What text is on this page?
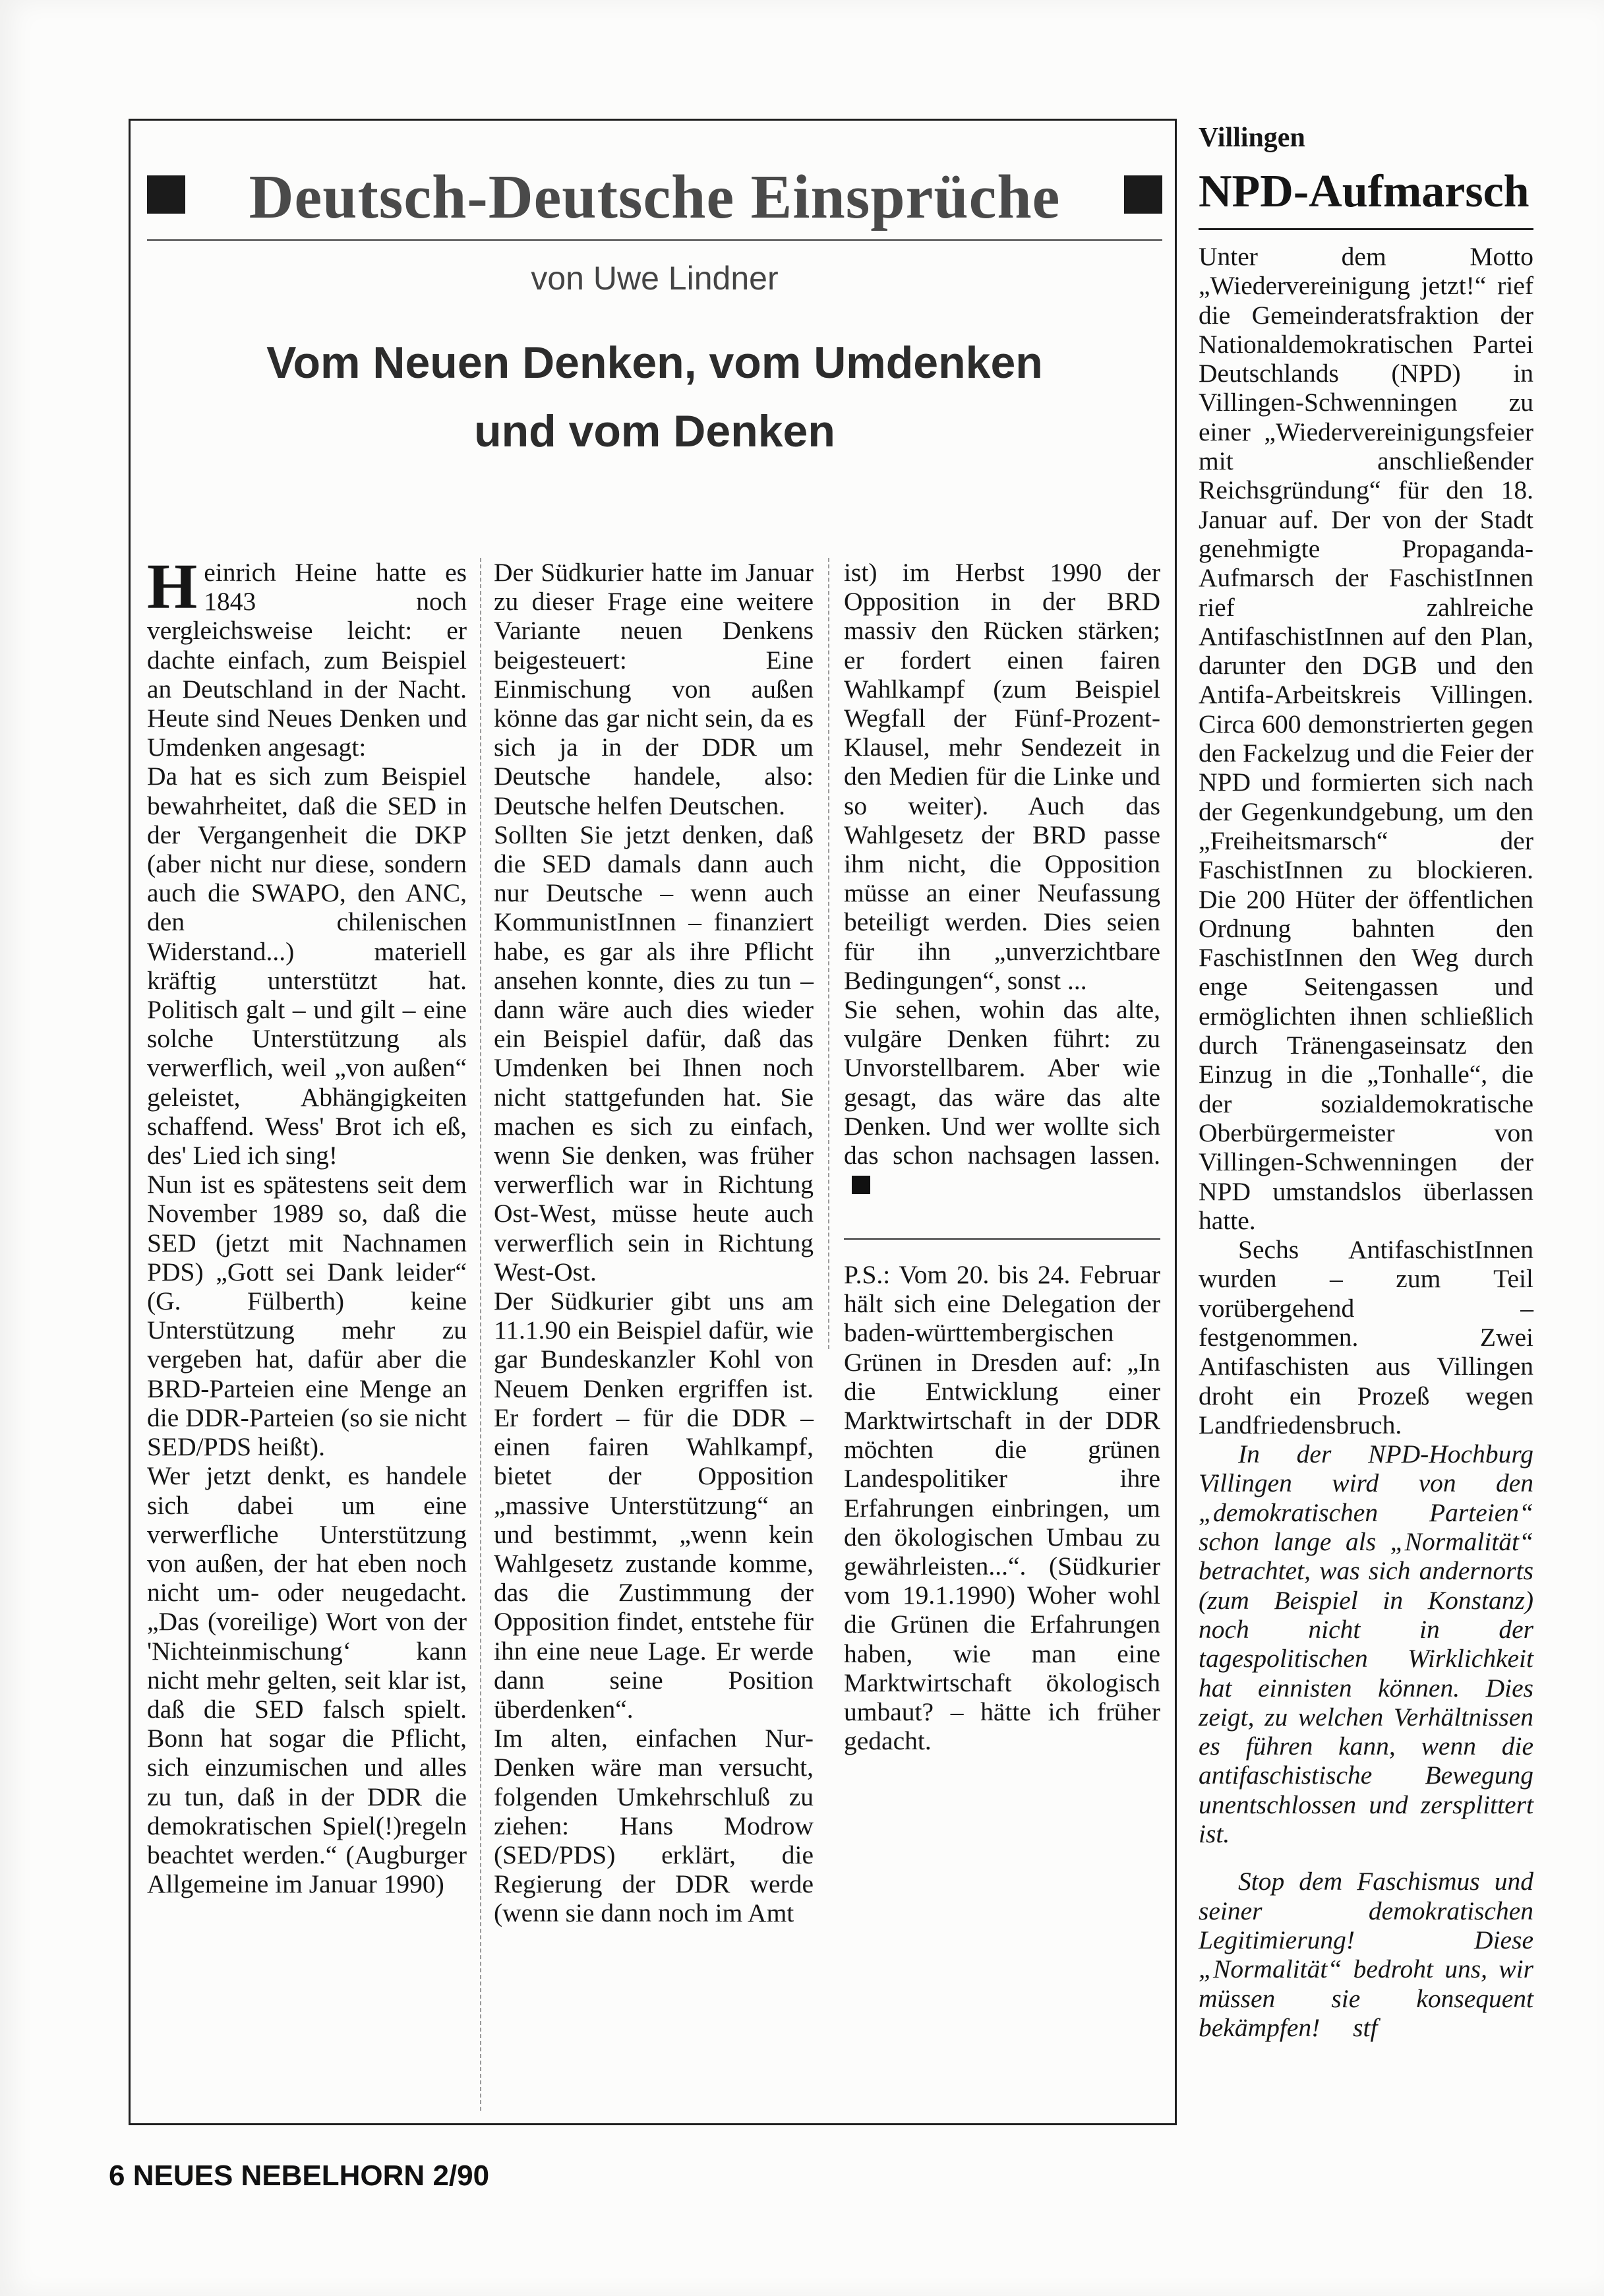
Deutsch-Deutsche Einsprüche
von Uwe Lindner
Vom Neuen Denken, vom Umdenken
und vom Denken

Heinrich Heine hatte es 1843 noch vergleichsweise leicht: er dachte einfach, zum Beispiel an Deutschland in der Nacht. Heute sind Neues Denken und Umdenken angesagt:

Da hat es sich zum Beispiel bewahrheitet, daß die SED in der Vergangenheit die DKP (aber nicht nur diese, sondern auch die SWAPO, den ANC, den chilenischen Widerstand...) materiell kräftig unterstützt hat. Politisch galt – und gilt – eine solche Unterstützung als verwerflich, weil „von außen“ geleistet, Abhängigkeiten schaffend. Wess' Brot ich eß, des' Lied ich sing!

Nun ist es spätestens seit dem November 1989 so, daß die SED (jetzt mit Nachnamen PDS) „Gott sei Dank leider“ (G. Fülberth) keine Unterstützung mehr zu vergeben hat, dafür aber die BRD-Parteien eine Menge an die DDR-Parteien (so sie nicht SED/PDS heißt).

Wer jetzt denkt, es handele sich dabei um eine verwerfliche Unterstützung von außen, der hat eben noch nicht um- oder neugedacht. „Das (voreilige) Wort von der 'Nichteinmischung‘ kann nicht mehr gelten, seit klar ist, daß die SED falsch spielt. Bonn hat sogar die Pflicht, sich einzumischen und alles zu tun, daß in der DDR die demokratischen Spiel(!)regeln beachtet werden.“ (Augburger Allgemeine im Januar 1990)

Der Südkurier hatte im Januar zu dieser Frage eine weitere Variante neuen Denkens beigesteuert: Eine Einmischung von außen könne das gar nicht sein, da es sich ja in der DDR um Deutsche handele, also: Deutsche helfen Deutschen.

Sollten Sie jetzt denken, daß die SED damals dann auch nur Deutsche – wenn auch KommunistInnen – finanziert habe, es gar als ihre Pflicht ansehen konnte, dies zu tun – dann wäre auch dies wieder ein Beispiel dafür, daß das Umdenken bei Ihnen noch nicht stattgefunden hat. Sie machen es sich zu einfach, wenn Sie denken, was früher verwerflich war in Richtung Ost-West, müsse heute auch verwerflich sein in Richtung West-Ost.

Der Südkurier gibt uns am 11.1.90 ein Beispiel dafür, wie gar Bundeskanzler Kohl von Neuem Denken ergriffen ist. Er fordert – für die DDR – einen fairen Wahlkampf, bietet der Opposition „massive Unterstützung“ an und bestimmt, „wenn kein Wahlgesetz zustande komme, das die Zustimmung der Opposition findet, entstehe für ihn eine neue Lage. Er werde dann seine Position überdenken“.

Im alten, einfachen Nur-Denken wäre man versucht, folgenden Umkehrschluß zu ziehen: Hans Modrow (SED/PDS) erklärt, die Regierung der DDR werde (wenn sie dann noch im Amt

ist) im Herbst 1990 der Opposition in der BRD massiv den Rücken stärken; er fordert einen fairen Wahlkampf (zum Beispiel Wegfall der Fünf-Prozent-Klausel, mehr Sendezeit in den Medien für die Linke und so weiter). Auch das Wahlgesetz der BRD passe ihm nicht, die Opposition müsse an einer Neufassung beteiligt werden. Dies seien für ihn „unverzichtbare Bedingungen“, sonst ...

Sie sehen, wohin das alte, vulgäre Denken führt: zu Unvorstellbarem. Aber wie gesagt, das wäre das alte Denken. Und wer wollte sich das schon nachsagen lassen.

P.S.: Vom 20. bis 24. Februar hält sich eine Delegation der baden-württembergischen Grünen in Dresden auf: „In die Entwicklung einer Marktwirtschaft in der DDR möchten die grünen Landespolitiker ihre Erfahrungen einbringen, um den ökologischen Umbau zu gewährleisten...“. (Südkurier vom 19.1.1990) Woher wohl die Grünen die Erfahrungen haben, wie man eine Marktwirtschaft ökologisch umbaut? – hätte ich früher gedacht.

Villingen
NPD-Aufmarsch

Unter dem Motto „Wiedervereinigung jetzt!“ rief die Gemeinderatsfraktion der Nationaldemokratischen Partei Deutschlands (NPD) in Villingen-Schwenningen zu einer „Wiedervereinigungsfeier mit anschließender Reichsgründung“ für den 18. Januar auf. Der von der Stadt genehmigte Propaganda-Aufmarsch der FaschistInnen rief zahlreiche AntifaschistInnen auf den Plan, darunter den DGB und den Antifa-Arbeitskreis Villingen. Circa 600 demonstrierten gegen den Fackelzug und die Feier der NPD und formierten sich nach der Gegenkundgebung, um den „Freiheitsmarsch“ der FaschistInnen zu blockieren. Die 200 Hüter der öffentlichen Ordnung bahnten den FaschistInnen den Weg durch enge Seitengassen und ermöglichten ihnen schließlich durch Tränengaseinsatz den Einzug in die „Tonhalle“, die der sozialdemokratische Oberbürgermeister von Villingen-Schwenningen der NPD umstandslos überlassen hatte.

Sechs AntifaschistInnen wurden – zum Teil vorübergehend – festgenommen. Zwei Antifaschisten aus Villingen droht ein Prozeß wegen Landfriedensbruch.

In der NPD-Hochburg Villingen wird von den „demokratischen Parteien“ schon lange als „Normalität“ betrachtet, was sich andernorts (zum Beispiel in Konstanz) noch nicht in der tagespolitischen Wirklichkeit hat einnisten können. Dies zeigt, zu welchen Verhältnissen es führen kann, wenn die antifaschistische Bewegung unentschlossen und zersplittert ist.

Stop dem Faschismus und seiner demokratischen Legitimierung! Diese „Normalität“ bedroht uns, wir müssen sie konsequent bekämpfen! stf

6 NEUES NEBELHORN 2/90
